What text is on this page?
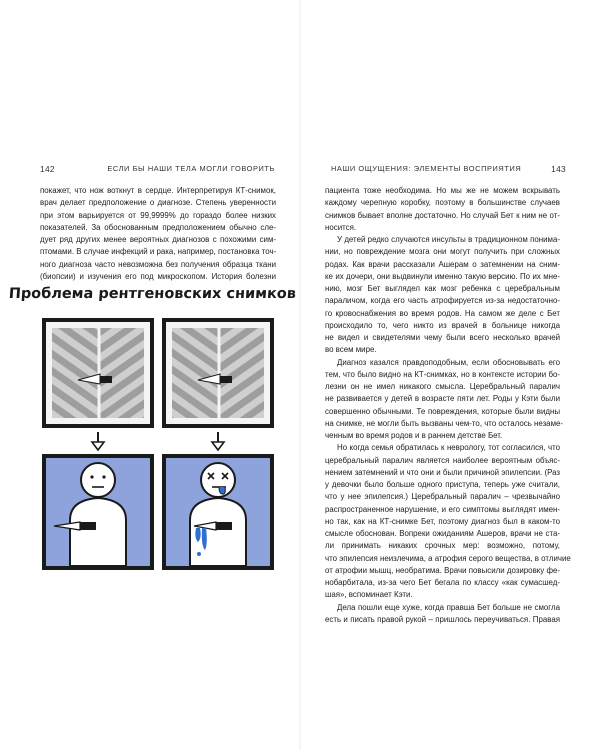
142	ЕСЛИ БЫ НАШИ ТЕЛА МОГЛИ ГОВОРИТЬ
покажет, что нож воткнут в сердце. Интерпретируя КТ-снимок,
врач делает предположение о диагнозе. Степень уверенности
при этом варьируется от 99,9999% до гораздо более низких
показателей. За обоснованным предположением обычно сле-
дует ряд других менее вероятных диагнозов с похожими сим-
птомами. В случае инфекций и рака, например, постановка точ-
ного диагноза часто невозможна без получения образца ткани
(биопсии) и изучения его под микроскопом. История болезни
Проблема рентгеновских снимков
НАШИ ОЩУЩЕНИЯ: ЭЛЕМЕНТЫ ВОСПРИЯТИЯ	143
пациента тоже необходима. Но мы же не можем вскрывать
каждому черепную коробку, поэтому в большинстве случаев
снимков бывает вполне достаточно. Но случай Бет к ним не от-
носится.
У детей редко случаются инсульты в традиционном понима-
нии, но повреждение мозга они могут получить при сложных
родах. Как врачи рассказали Ашерам о затемнении на сним-
ке их дочери, они выдвинули именно такую версию. По их мне-
нию, мозг Бет выглядел как мозг ребенка с церебральным
параличом, когда его часть атрофируется из-за недостаточно-
го кровоснабжения во время родов. На самом же деле с Бет
происходило то, чего никто из врачей в больнице никогда
не видел и свидетелями чему были всего несколько врачей
во всем мире.
Диагноз казался правдоподобным, если обосновывать его
тем, что было видно на КТ-снимках, но в контексте истории бо-
лезни он не имел никакого смысла. Церебральный паралич
не развивается у детей в возрасте пяти лет. Роды у Кэти были
совершенно обычными. Те повреждения, которые были видны
на снимке, не могли быть вызваны чем-то, что осталось незаме-
ченным во время родов и в раннем детстве Бет.
Но когда семья обратилась к неврологу, тот согласился, что
церебральный паралич является наиболее вероятным объяс-
нением затемнений и что они и были причиной эпилепсии. (Раз
у девочки было больше одного приступа, теперь уже считали,
что у нее эпилепсия.) Церебральный паралич – чрезвычайно
распространенное нарушение, и его симптомы выглядят имен-
но так, как на КТ-снимке Бет, поэтому диагноз был в каком-то
смысле обоснован. Вопреки ожиданиям Ашеров, врачи не ста-
ли принимать никаких срочных мер: возможно, потому,
что эпилепсия неизлечима, а атрофия серого вещества, в отличие
от атрофии мышц, необратима. Врачи повысили дозировку фе-
нобарбитала, из-за чего Бет бегала по классу «как сумасшед-
шая», вспоминает Кэти.
Дела пошли еще хуже, когда правша Бет больше не смогла
есть и писать правой рукой – пришлось переучиваться. Правая
